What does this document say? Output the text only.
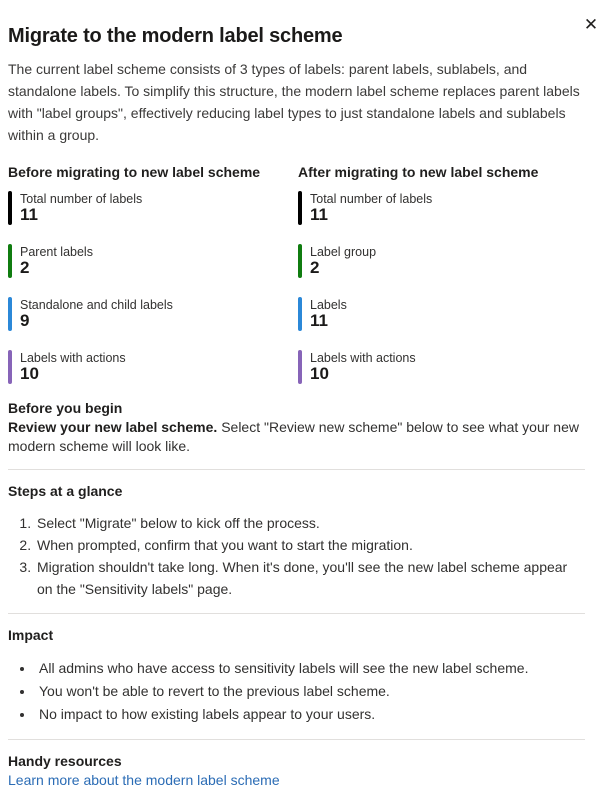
✕
Migrate to the modern label scheme

The current label scheme consists of 3 types of labels: parent labels, sublabels, and standalone labels. To simplify this structure, the modern label scheme replaces parent labels with "label groups", effectively reducing label types to just standalone labels and sublabels within a group.

Before migrating to new label scheme
Total number of labels
11
Parent labels
2
Standalone and child labels
9
Labels with actions
10
After migrating to new label scheme
Total number of labels
11
Label group
2
Labels
11
Labels with actions
10
Before you begin

Review your new label scheme. Select "Review new scheme" below to see what your new modern scheme will look like.

Steps at a glance
1. Select "Migrate" below to kick off the process.
2. When prompted, confirm that you want to start the migration.
3. Migration shouldn't take long. When it's done, you'll see the new label scheme appear on the "Sensitivity labels" page.
Impact
• All admins who have access to sensitivity labels will see the new label scheme.
• You won't be able to revert to the previous label scheme.
• No impact to how existing labels appear to your users.
Handy resources
Learn more about the modern label scheme
